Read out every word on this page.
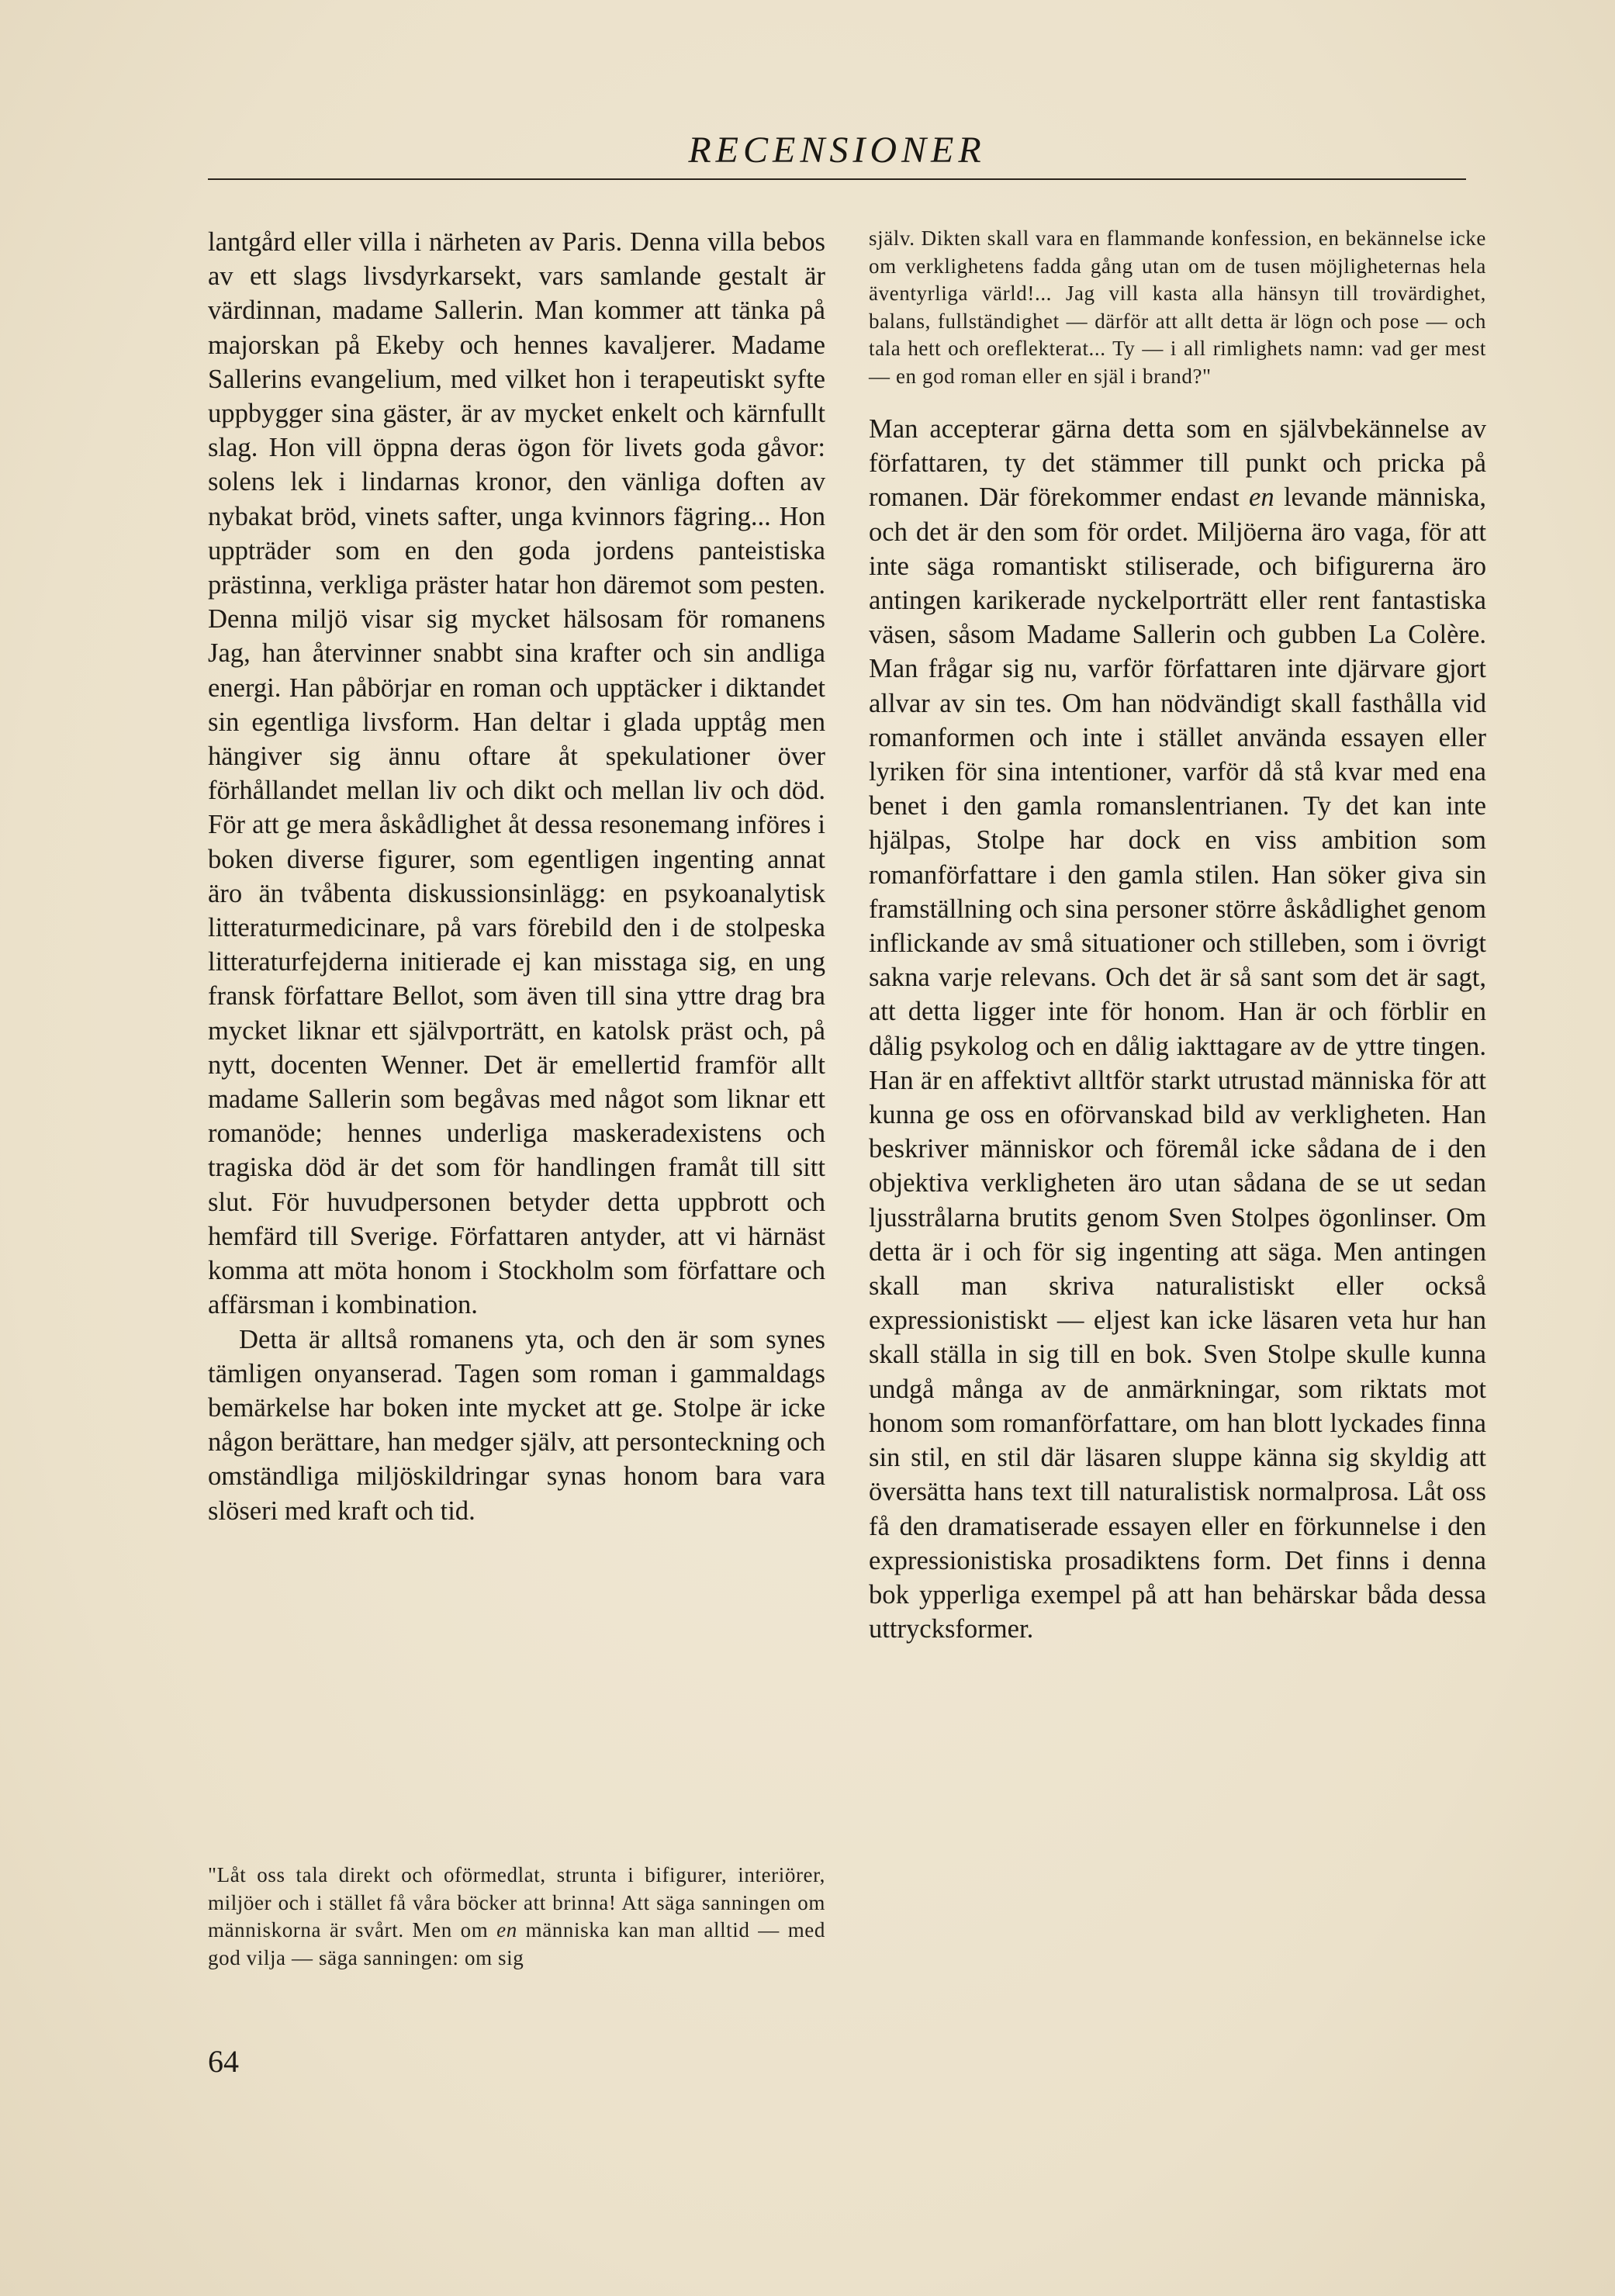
RECENSIONER

lantgård eller villa i närheten av Paris. Denna villa bebos av ett slags livsdyrkarsekt, vars samlande gestalt är värdinnan, madame Sallerin. Man kommer att tänka på majorskan på Ekeby och hennes kavaljerer. Madame Sallerins evangelium, med vilket hon i terapeutiskt syfte uppbygger sina gäster, är av mycket enkelt och kärnfullt slag. Hon vill öppna deras ögon för livets goda gåvor: solens lek i lindarnas kronor, den vänliga doften av nybakat bröd, vinets safter, unga kvinnors fägring... Hon uppträder som en den goda jordens panteistiska prästinna, verkliga präster hatar hon däremot som pesten. Denna miljö visar sig mycket hälsosam för romanens Jag, han återvinner snabbt sina krafter och sin andliga energi. Han påbörjar en roman och upptäcker i diktandet sin egentliga livsform. Han deltar i glada upptåg men hängiver sig ännu oftare åt spekulationer över förhållandet mellan liv och dikt och mellan liv och död. För att ge mera åskådlighet åt dessa resonemang införes i boken diverse figurer, som egentligen ingenting annat äro än tvåbenta diskussionsinlägg: en psykoanalytisk litteraturmedicinare, på vars förebild den i de stolpeska litteraturfejderna initierade ej kan misstaga sig, en ung fransk författare Bellot, som även till sina yttre drag bra mycket liknar ett självporträtt, en katolsk präst och, på nytt, docenten Wenner. Det är emellertid framför allt madame Sallerin som begåvas med något som liknar ett romanöde; hennes underliga maskeradexistens och tragiska död är det som för handlingen framåt till sitt slut. För huvudpersonen betyder detta uppbrott och hemfärd till Sverige. Författaren antyder, att vi härnäst komma att möta honom i Stockholm som författare och affärsman i kombination.

Detta är alltså romanens yta, och den är som synes tämligen onyanserad. Tagen som roman i gammaldags bemärkelse har boken inte mycket att ge. Stolpe är icke någon berättare, han medger själv, att personteckning och omständliga miljöskildringar synas honom bara vara slöseri med kraft och tid.

"Låt oss tala direkt och oförmedlat, strunta i bifigurer, interiörer, miljöer och i stället få våra böcker att brinna! Att säga sanningen om människorna är svårt. Men om en människa kan man alltid — med god vilja — säga sanningen: om sig

själv. Dikten skall vara en flammande konfession, en bekännelse icke om verklighetens fadda gång utan om de tusen möjligheternas hela äventyrliga värld!... Jag vill kasta alla hänsyn till trovärdighet, balans, fullständighet — därför att allt detta är lögn och pose — och tala hett och oreflekterat... Ty — i all rimlighets namn: vad ger mest — en god roman eller en själ i brand?"

Man accepterar gärna detta som en självbekännelse av författaren, ty det stämmer till punkt och pricka på romanen. Där förekommer endast en levande människa, och det är den som för ordet. Miljöerna äro vaga, för att inte säga romantiskt stiliserade, och bifigurerna äro antingen karikerade nyckelporträtt eller rent fantastiska väsen, såsom Madame Sallerin och gubben La Colère. Man frågar sig nu, varför författaren inte djärvare gjort allvar av sin tes. Om han nödvändigt skall fasthålla vid romanformen och inte i stället använda essayen eller lyriken för sina intentioner, varför då stå kvar med ena benet i den gamla romanslentrianen. Ty det kan inte hjälpas, Stolpe har dock en viss ambition som romanförfattare i den gamla stilen. Han söker giva sin framställning och sina personer större åskådlighet genom inflickande av små situationer och stilleben, som i övrigt sakna varje relevans. Och det är så sant som det är sagt, att detta ligger inte för honom. Han är och förblir en dålig psykolog och en dålig iakttagare av de yttre tingen. Han är en affektivt alltför starkt utrustad människa för att kunna ge oss en oförvanskad bild av verkligheten. Han beskriver människor och föremål icke sådana de i den objektiva verkligheten äro utan sådana de se ut sedan ljusstrålarna brutits genom Sven Stolpes ögonlinser. Om detta är i och för sig ingenting att säga. Men antingen skall man skriva naturalistiskt eller också expressionistiskt — eljest kan icke läsaren veta hur han skall ställa in sig till en bok. Sven Stolpe skulle kunna undgå många av de anmärkningar, som riktats mot honom som romanförfattare, om han blott lyckades finna sin stil, en stil där läsaren sluppe känna sig skyldig att översätta hans text till naturalistisk normalprosa. Låt oss få den dramatiserade essayen eller en förkunnelse i den expressionistiska prosadiktens form. Det finns i denna bok ypperliga exempel på att han behärskar båda dessa uttrycksformer.

64
